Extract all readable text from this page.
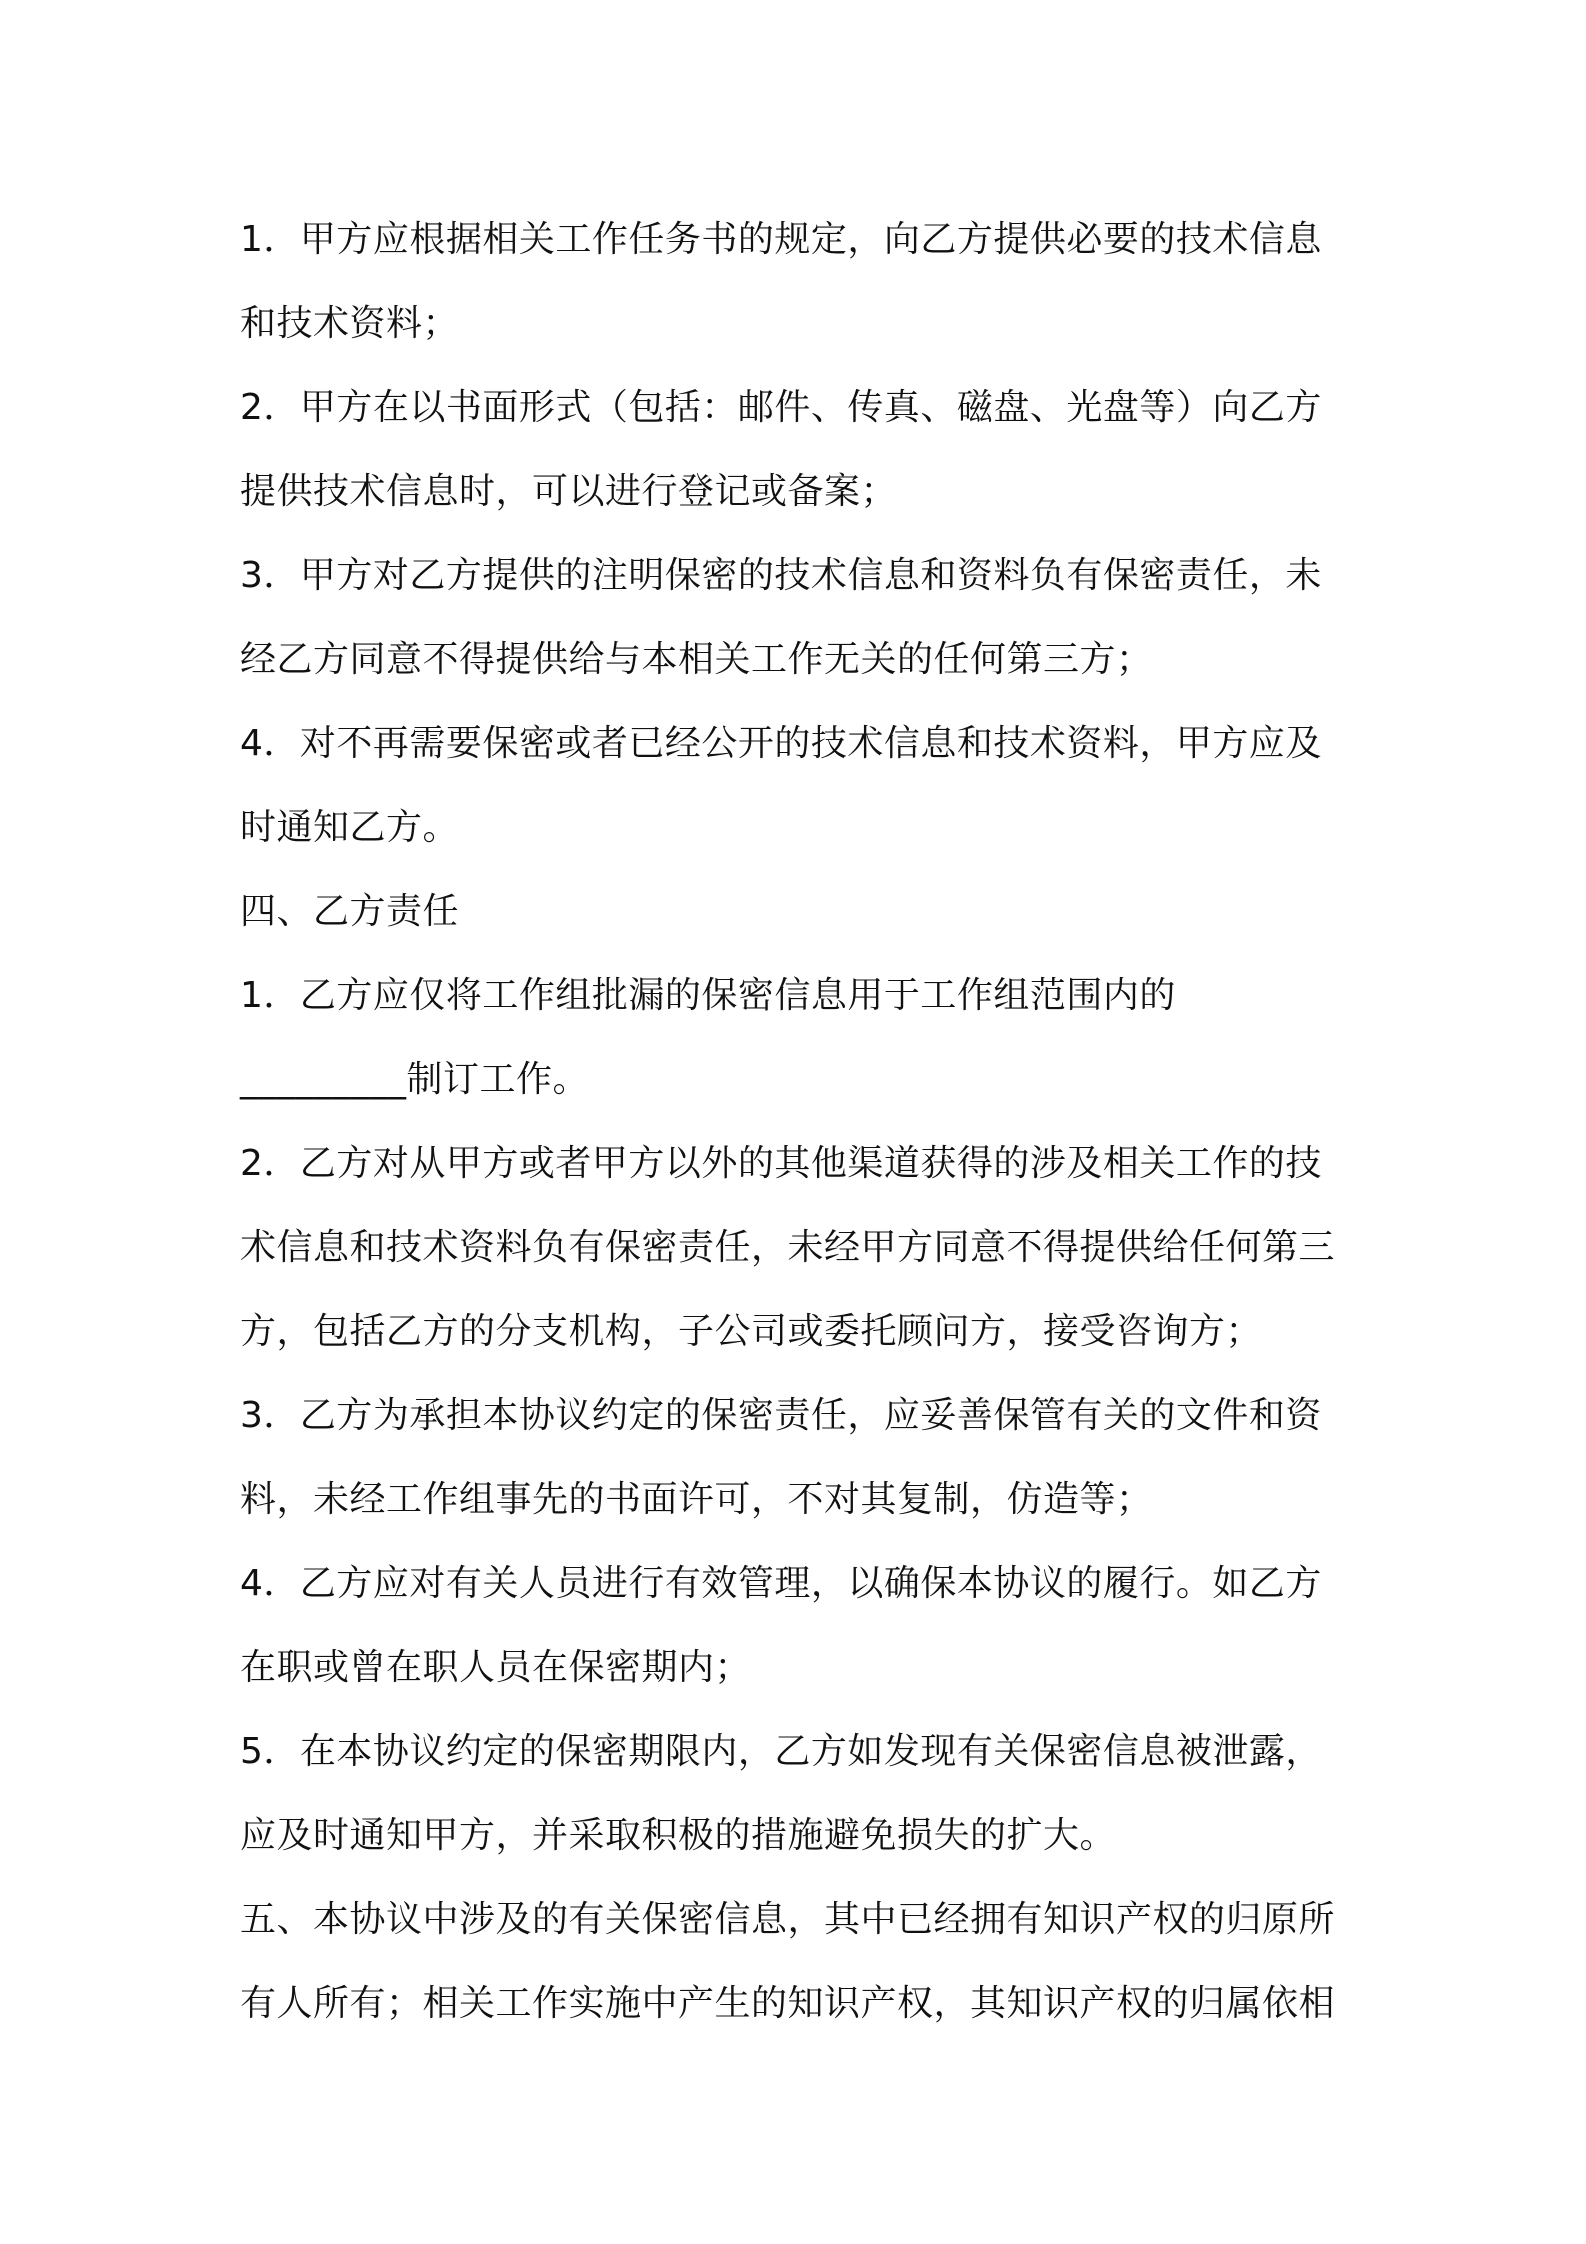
1．甲方应根据相关工作任务书的规定，向乙方提供必要的技术信息
和技术资料；
2．甲方在以书面形式（包括：邮件、传真、磁盘、光盘等）向乙方
提供技术信息时，可以进行登记或备案；
3．甲方对乙方提供的注明保密的技术信息和资料负有保密责任，未
经乙方同意不得提供给与本相关工作无关的任何第三方；
4．对不再需要保密或者已经公开的技术信息和技术资料，甲方应及
时通知乙方。
四、乙方责任
1．乙方应仅将工作组批漏的保密信息用于工作组范围内的
_________制订工作。
2．乙方对从甲方或者甲方以外的其他渠道获得的涉及相关工作的技
术信息和技术资料负有保密责任，未经甲方同意不得提供给任何第三
方，包括乙方的分支机构，子公司或委托顾问方，接受咨询方；
3．乙方为承担本协议约定的保密责任，应妥善保管有关的文件和资
料，未经工作组事先的书面许可，不对其复制，仿造等；
4．乙方应对有关人员进行有效管理，以确保本协议的履行。如乙方
在职或曾在职人员在保密期内；
5．在本协议约定的保密期限内，乙方如发现有关保密信息被泄露，
应及时通知甲方，并采取积极的措施避免损失的扩大。
五、本协议中涉及的有关保密信息，其中已经拥有知识产权的归原所
有人所有；相关工作实施中产生的知识产权，其知识产权的归属依相
